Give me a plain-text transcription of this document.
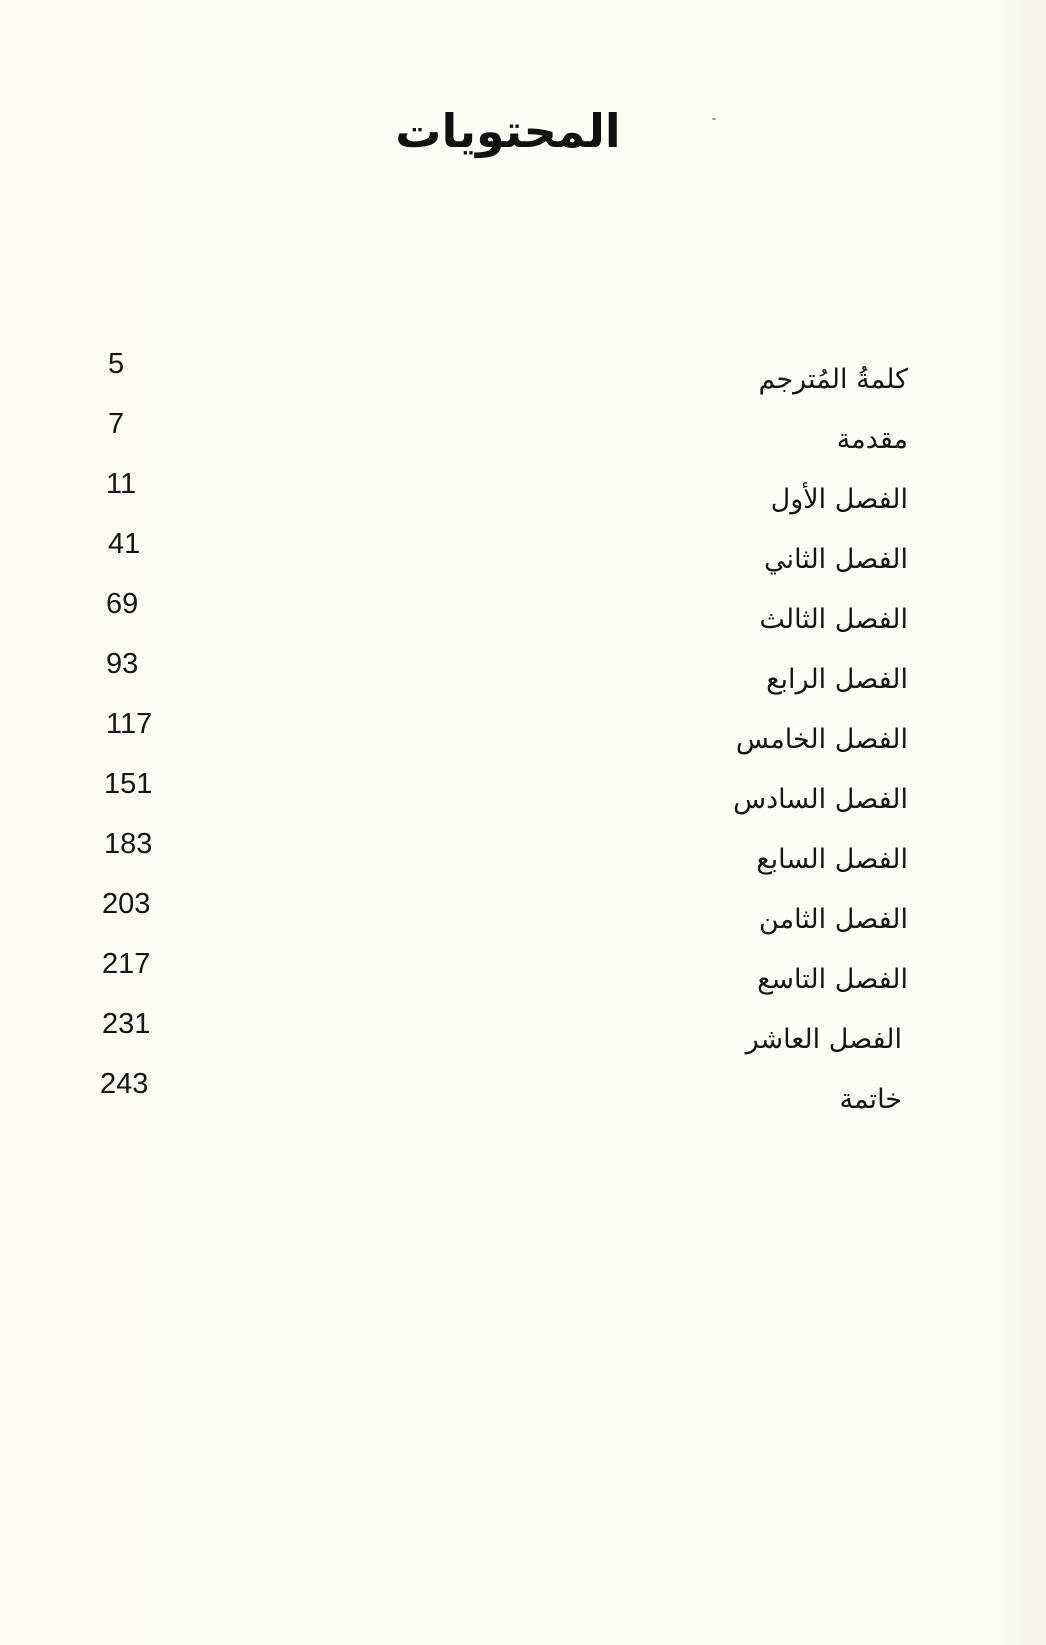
المحتويات
كلمةُ المُترجم
5
مقدمة
7
الفصل الأول
11
الفصل الثاني
41
الفصل الثالث
69
الفصل الرابع
93
الفصل الخامس
117
الفصل السادس
151
الفصل السابع
183
الفصل الثامن
203
الفصل التاسع
217
الفصل العاشر
231
خاتمة
243
